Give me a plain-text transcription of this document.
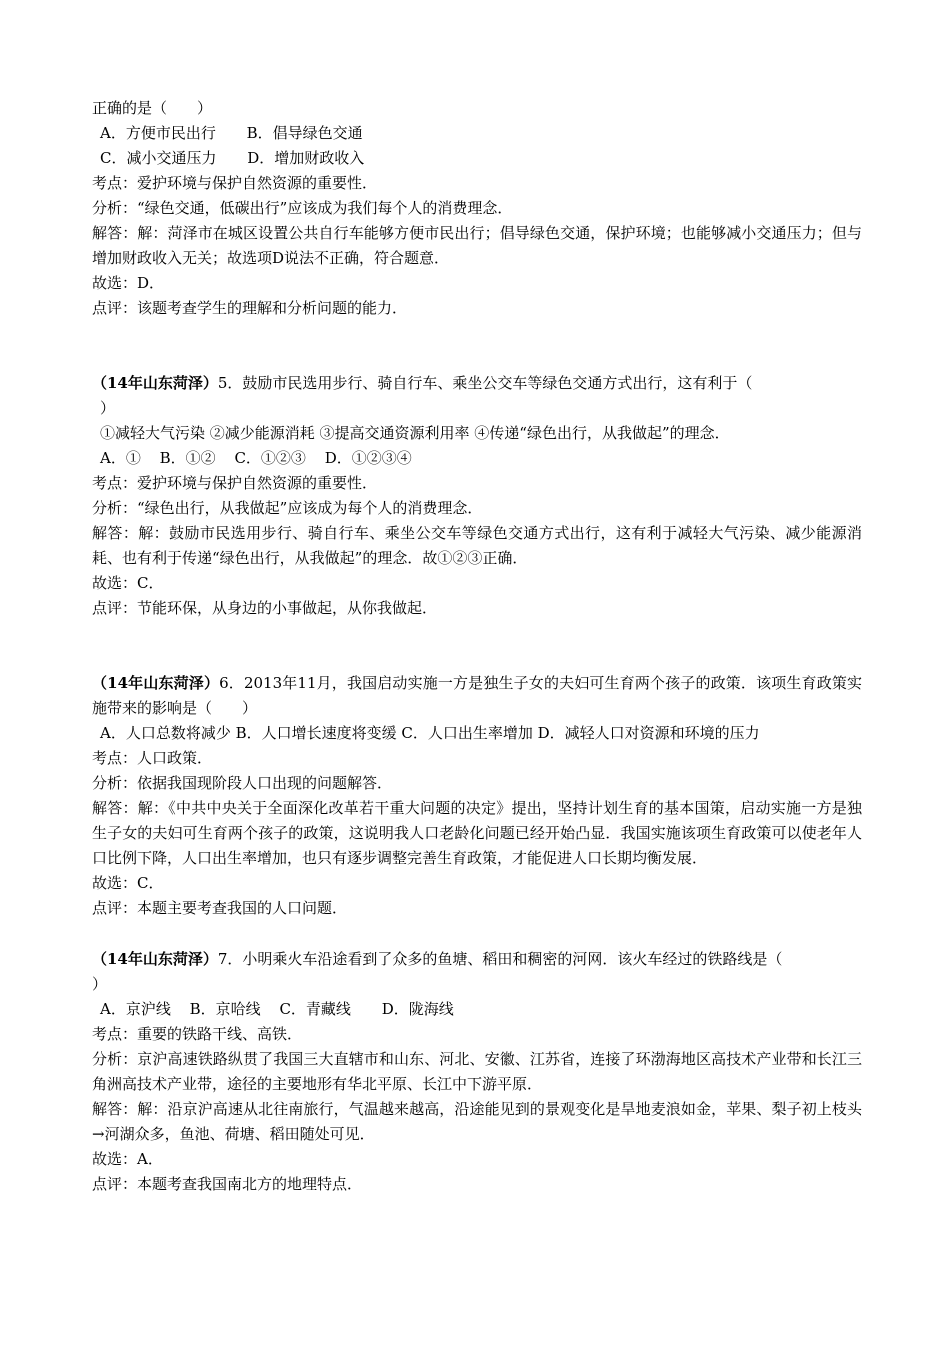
正确的是（　　）
A．方便市民出行 B．倡导绿色交通
C．减小交通压力 D．增加财政收入
考点：爱护环境与保护自然资源的重要性．
分析：“绿色交通，低碳出行”应该成为我们每个人的消费理念．
解答：解：菏泽市在城区设置公共自行车能够方便市民出行；倡导绿色交通，保护环境；也能够减小交通压力；但与增加财政收入无关；故选项D说法不正确，符合题意．
故选：D．
点评：该题考查学生的理解和分析问题的能力．
（14年山东菏泽）5．鼓励市民选用步行、骑自行车、乘坐公交车等绿色交通方式出行，这有利于（
）
①减轻大气污染 ②减少能源消耗 ③提高交通资源利用率 ④传递“绿色出行，从我做起”的理念．
A．① B．①② C．①②③ D．①②③④
考点：爱护环境与保护自然资源的重要性．
分析：“绿色出行，从我做起”应该成为每个人的消费理念．
解答：解：鼓励市民选用步行、骑自行车、乘坐公交车等绿色交通方式出行，这有利于减轻大气污染、减少能源消耗、也有利于传递“绿色出行，从我做起”的理念．故①②③正确．
故选：C．
点评：节能环保，从身边的小事做起，从你我做起．
（14年山东菏泽）6．2013年11月，我国启动实施一方是独生子女的夫妇可生育两个孩子的政策．该项生育政策实施带来的影响是（　　）
A．人口总数将减少 B．人口增长速度将变缓 C．人口出生率增加 D．减轻人口对资源和环境的压力
考点：人口政策．
分析：依据我国现阶段人口出现的问题解答．
解答：解：《中共中央关于全面深化改革若干重大问题的决定》提出，坚持计划生育的基本国策，启动实施一方是独生子女的夫妇可生育两个孩子的政策，这说明我人口老龄化问题已经开始凸显．我国实施该项生育政策可以使老年人口比例下降，人口出生率增加，也只有逐步调整完善生育政策，才能促进人口长期均衡发展．
故选：C．
点评：本题主要考查我国的人口问题．
（14年山东菏泽）7．小明乘火车沿途看到了众多的鱼塘、稻田和稠密的河网．该火车经过的铁路线是（
）
A．京沪线 B．京哈线 C．青藏线 D．陇海线
考点：重要的铁路干线、高铁．
分析：京沪高速铁路纵贯了我国三大直辖市和山东、河北、安徽、江苏省，连接了环渤海地区高技术产业带和长江三角洲高技术产业带，途径的主要地形有华北平原、长江中下游平原．
解答：解：沿京沪高速从北往南旅行，气温越来越高，沿途能见到的景观变化是旱地麦浪如金，苹果、梨子初上枝头→河湖众多，鱼池、荷塘、稻田随处可见．
故选：A．
点评：本题考查我国南北方的地理特点．
